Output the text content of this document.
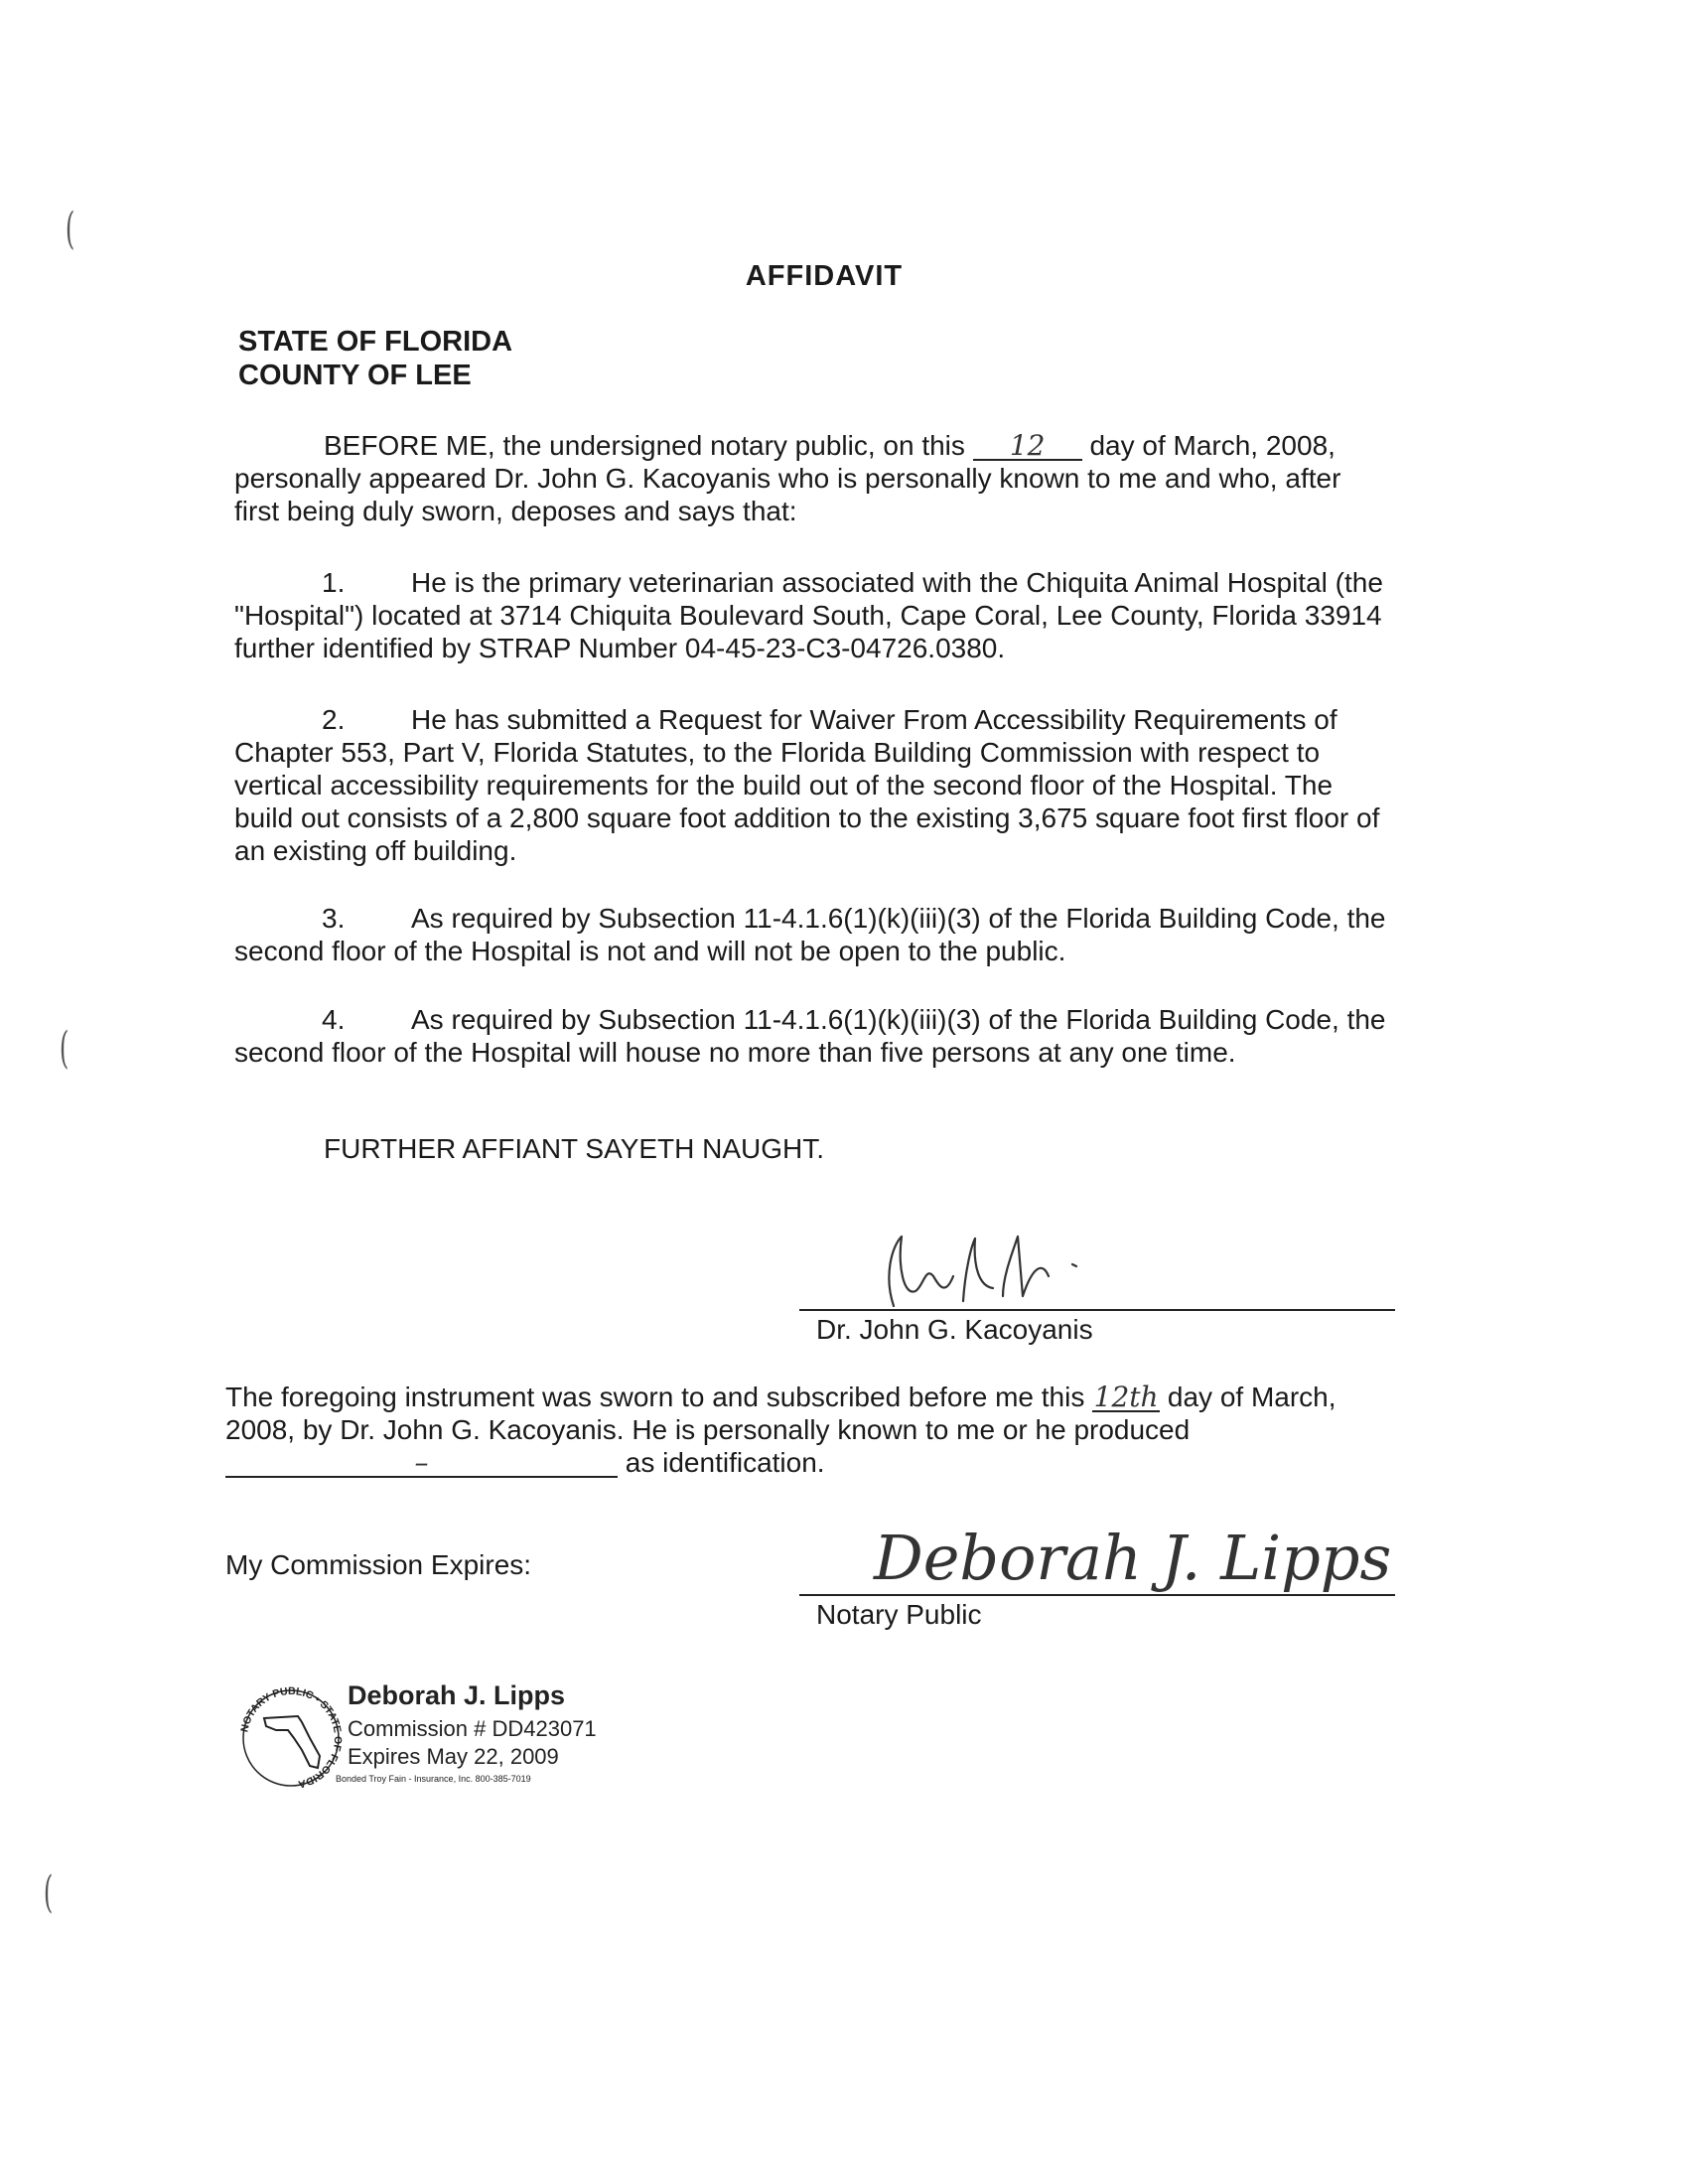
(
(
(
AFFIDAVIT
STATE OF FLORIDA
COUNTY OF LEE
BEFORE ME, the undersigned notary public, on this 12 day of March, 2008, personally appeared Dr. John G. Kacoyanis who is personally known to me and who, after first being duly sworn, deposes and says that:
1. He is the primary veterinarian associated with the Chiquita Animal Hospital (the "Hospital") located at 3714 Chiquita Boulevard South, Cape Coral, Lee County, Florida 33914 further identified by STRAP Number 04-45-23-C3-04726.0380.
2. He has submitted a Request for Waiver From Accessibility Requirements of Chapter 553, Part V, Florida Statutes, to the Florida Building Commission with respect to vertical accessibility requirements for the build out of the second floor of the Hospital. The build out consists of a 2,800 square foot addition to the existing 3,675 square foot first floor of an existing off building.
3. As required by Subsection 11-4.1.6(1)(k)(iii)(3) of the Florida Building Code, the second floor of the Hospital is not and will not be open to the public.
4. As required by Subsection 11-4.1.6(1)(k)(iii)(3) of the Florida Building Code, the second floor of the Hospital will house no more than five persons at any one time.
FURTHER AFFIANT SAYETH NAUGHT.
Dr. John G. Kacoyanis
The foregoing instrument was sworn to and subscribed before me this 12th day of March, 2008, by Dr. John G. Kacoyanis. He is personally known to me or he produced
–	as identification.
My Commission Expires:	Deborah J. Lipps
Notary Public
NOTARY PUBLIC • STATE OF FLORIDA
Deborah J. Lipps
Commission # DD423071
Expires May 22, 2009
Bonded Troy Fain - Insurance, Inc. 800-385-7019
